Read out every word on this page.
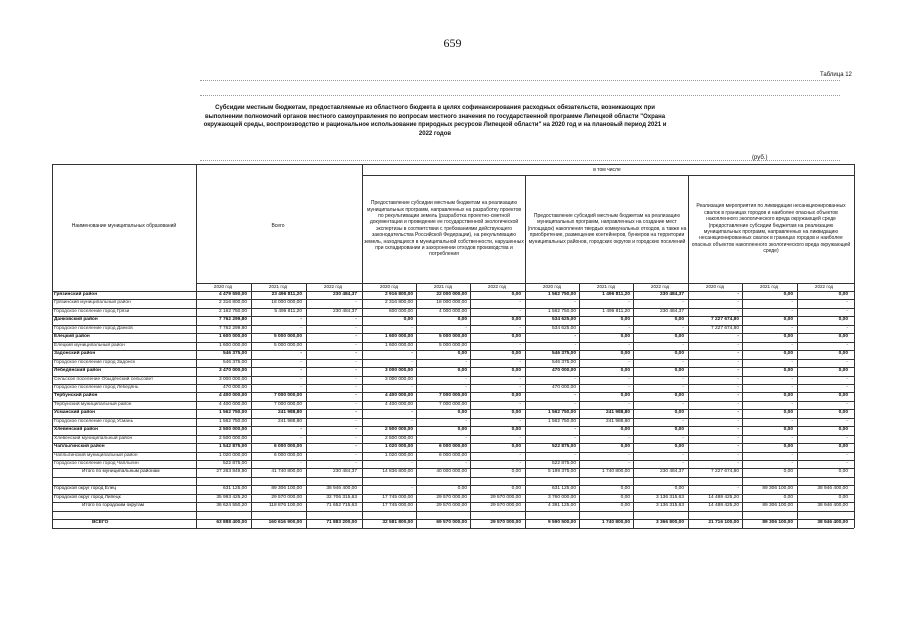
659
Таблица 12
Субсидии местным бюджетам, предоставляемые из областного бюджета в целях софинансирования расходных обязательств, возникающих при выполнении полномочий органов местного самоуправления по вопросам местного значения по государственной программе Липецкой области "Охрана окружающей среды, воспроизводство и рациональное использование природных ресурсов Липецкой области" на 2020 год и на плановый период 2021 и 2022 годов
(руб.)
Наименование муниципальных образований	Всего
в том числе
Предоставление субсидии местным бюджетам на реализацию муниципальных программ, направленных на разработку проектов по рекультивации земель (разработка проектно-сметной документации и проведение ее государственной экологической экспертизы в соответствии с требованиями действующего законодательства Российской Федерации), на рекультивацию земель, находящихся в муниципальной собственности, нарушенных при складировании и захоронении отходов производства и потребления
Предоставление субсидий местным бюджетам на реализацию муниципальных программ, направленных на создание мест (площадок) накопления твердых коммунальных отходов, а также на приобретение, размещение контейнеров, бункеров на территории муниципальных районов, городских округов и городских поселений
Реализация мероприятия по ликвидации несанкционированных свалок в границах городов и наиболее опасных объектов накопленного экологического вреда окружающей среде (предоставление субсидии бюджетам на реализацию муниципальных программ, направленных на ликвидацию несанкционированных свалок в границах городов и наиболее опасных объектов накопленного экологического вреда окружающей среде)
2020 год	2021 год	2022 год	2020 год	2021 год	2022 год	2020 год	2021 год	2022 год	2020 год	2021 год	2022 год
Грязинский район	4 479 550,00	23 496 811,20	230 484,37	2 916 800,00	22 000 000,00	0,00	1 562 750,00	1 496 811,20	230 484,37	-	0,00	0,00
Грязинский муниципальный район	2 316 800,00	18 000 000,00	-	2 316 800,00	18 000 000,00	-	-	-	-	-	-	-
Городское поселение город Грязи	2 162 750,00	5 496 811,20	230 484,37	600 000,00	4 000 000,00	-	1 562 750,00	1 496 811,20	230 484,37	-	-	-
Данковский район	7 762 299,80	-	-	0,00	0,00	0,00	534 625,00	0,00	0,00	7 227 674,80	0,00	0,00
Городское поселение город Данков	7 762 299,80	-	-	-	-	-	534 625,00	-	-	7 227 674,80	-	-
Елецкий район	1 600 000,00	5 000 000,00	-	1 600 000,00	5 000 000,00	0,00	-	0,00	0,00	-	0,00	0,00
Елецкий муниципальный район	1 600 000,00	5 000 000,00	-	1 600 000,00	5 000 000,00	-	-	-	-	-	-	-
Задонский район	546 375,00	-	-	-	0,00	0,00	546 375,00	0,00	0,00	-	0,00	0,00
Городское поселение город Задонск	546 375,00	-	-	-	-	-	546 375,00	-	-	-	-	-
Лебедянский район	3 470 000,00	-	-	3 000 000,00	0,00	0,00	470 000,00	0,00	0,00	-	0,00	0,00
Сельское поселение Обыдёнский сельсовет	3 000 000,00	-	-	3 000 000,00	-	-	-	-	-	-	-	-
Городское поселение город Лебедянь	470 000,00	-	-	-	-	-	470 000,00	-	-	-	-	-
Тербунский район	4 400 000,00	7 000 000,00	-	4 400 000,00	7 000 000,00	0,00	-	0,00	0,00	-	0,00	0,00
Тербунский муниципальный район	4 400 000,00	7 000 000,00	-	4 400 000,00	7 000 000,00	-	-	-	-	-	-	-
Усманский район	1 562 750,00	241 988,80	-	-	0,00	0,00	1 562 750,00	241 988,80	0,00	-	0,00	0,00
Городское поселение город Усмань	1 562 750,00	241 988,80	-	-	-	-	1 562 750,00	241 988,80	-	-	-	-
Хлевенский район	2 500 000,00	-	-	2 500 000,00	0,00	0,00	-	0,00	0,00	-	0,00	0,00
Хлевенский муниципальный район	2 500 000,00	-	-	2 500 000,00	-	-	-	-	-	-	-	-
Чаплыгинский район	1 542 875,00	6 000 000,00	-	1 020 000,00	6 000 000,00	0,00	522 875,00	0,00	0,00	-	0,00	0,00
Чаплыгинский муниципальный район	1 020 000,00	6 000 000,00	-	1 020 000,00	6 000 000,00	-	-	-	-	-	-	-
Городское поселение город Чаплыгин	522 875,00	-	-	-	-	-	522 875,00	-	-	-	-	-
Итого по муниципальным районам	27 263 849,80	41 740 800,00	230 484,37	14 836 800,00	40 000 000,00	0,00	5 199 375,00	1 740 800,00	230 484,37	7 227 674,80	0,00	0,00
Городской округ город Елец	631 125,00	89 306 100,00	38 946 400,00	-	0,00	0,00	631 125,00	0,00	0,00	-	89 306 100,00	38 946 400,00
Городской округ город Липецк	35 993 425,20	29 570 000,00	32 706 315,63	17 745 000,00	29 570 000,00	29 570 000,00	3 760 000,00	0,00	3 136 315,63	14 488 425,20	0,00	0,00
Итого по городским округам	36 624 550,20	118 876 100,00	71 652 715,63	17 745 000,00	29 570 000,00	29 570 000,00	4 391 125,00	0,00	3 136 315,63	14 488 425,20	89 306 100,00	38 946 400,00
ВСЕГО	63 888 400,00	160 616 900,00	71 883 200,00	32 581 800,00	69 570 000,00	29 570 000,00	9 590 500,00	1 740 800,00	3 366 800,00	21 716 100,00	89 306 100,00	38 946 400,00
